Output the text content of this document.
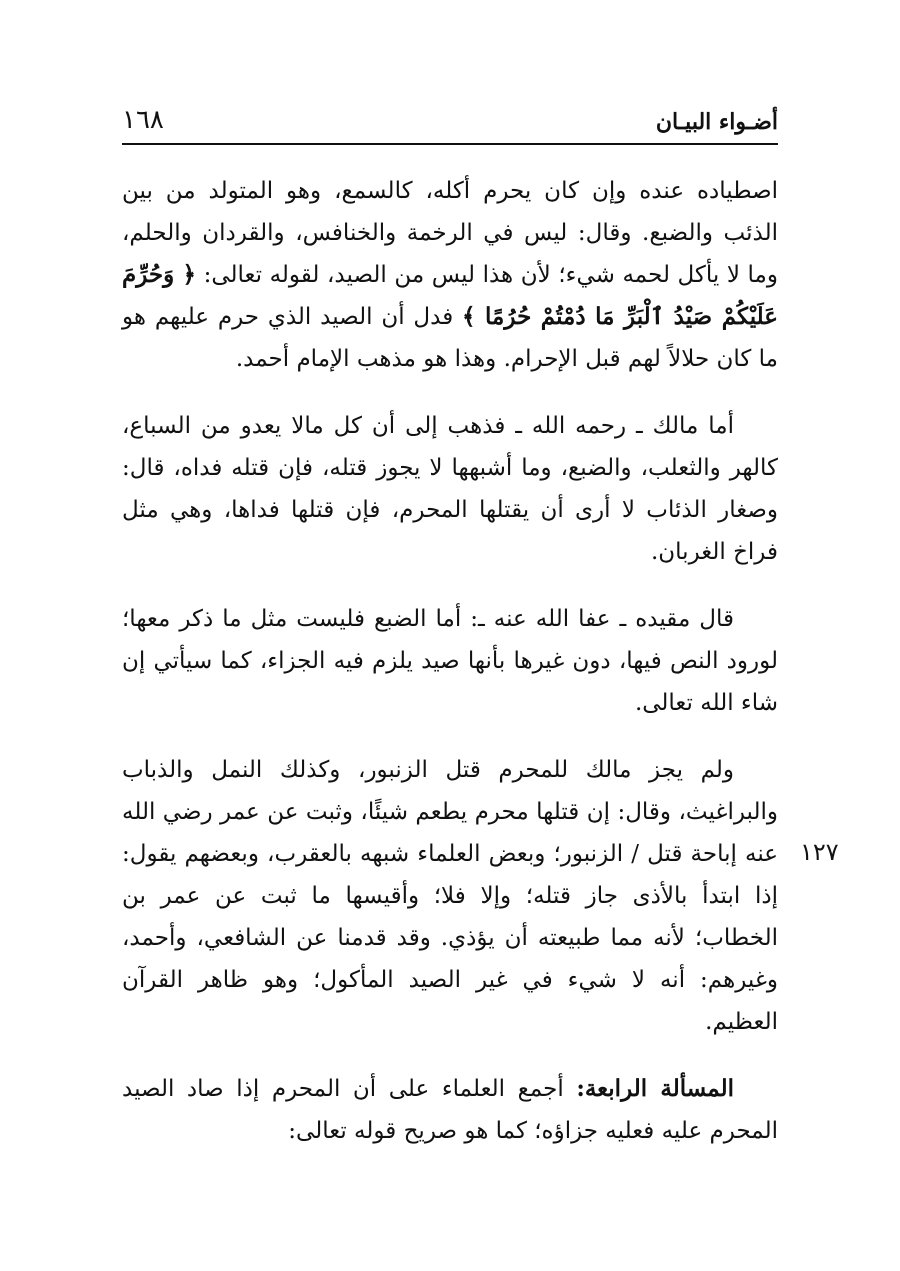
أضـواء البيـان
١٦٨

اصطياده عنده وإن كان يحرم أكله، كالسمع، وهو المتولد من بين الذئب والضبع. وقال: ليس في الرخمة والخنافس، والقردان والحلم، وما لا يأكل لحمه شيء؛ لأن هذا ليس من الصيد، لقوله تعالى: ﴿ وَحُرِّمَ عَلَيْكُمْ صَيْدُ ٱلْبَرِّ مَا دُمْتُمْ حُرُمًا ﴾ فدل أن الصيد الذي حرم عليهم هو ما كان حلالاً لهم قبل الإحرام. وهذا هو مذهب الإمام أحمد.

أما مالك ـ رحمه الله ـ فذهب إلى أن كل مالا يعدو من السباع، كالهر والثعلب، والضبع، وما أشبهها لا يجوز قتله، فإن قتله فداه، قال: وصغار الذئاب لا أرى أن يقتلها المحرم، فإن قتلها فداها، وهي مثل فراخ الغربان.

قال مقيده ـ عفا الله عنه ـ: أما الضبع فليست مثل ما ذكر معها؛ لورود النص فيها، دون غيرها بأنها صيد يلزم فيه الجزاء، كما سيأتي إن شاء الله تعالى.

ولم يجز مالك للمحرم قتل الزنبور، وكذلك النمل والذباب والبراغيث، وقال: إن قتلها محرم يطعم شيئًا، وثبت عن عمر رضي الله عنه إباحة قتل / الزنبور؛ وبعض العلماء شبهه بالعقرب، وبعضهم يقول: إذا ابتدأ بالأذى جاز قتله؛ وإلا فلا؛ وأقيسها ما ثبت عن عمر بن الخطاب؛ لأنه مما طبيعته أن يؤذي. وقد قدمنا عن الشافعي، وأحمد، وغيرهم: أنه لا شيء في غير الصيد المأكول؛ وهو ظاهر القرآن العظيم.

المسألة الرابعة: أجمع العلماء على أن المحرم إذا صاد الصيد المحرم عليه فعليه جزاؤه؛ كما هو صريح قوله تعالى:

١٢٧
